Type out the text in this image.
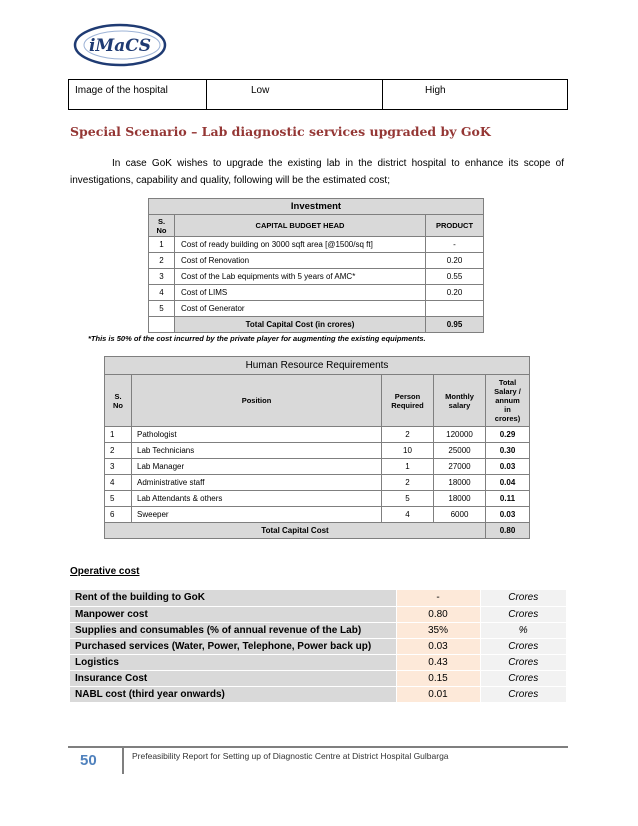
iMaCS
Image of the hospital	Low	High
Special Scenario – Lab diagnostic services upgraded by GoK

In case GoK wishes to upgrade the existing lab in the district hospital to enhance its scope of investigations, capability and quality, following will be the estimated cost;

Investment		
S. No	CAPITAL BUDGET HEAD	PRODUCT
1	Cost of ready building on 3000 sqft area [@1500/sq ft]	-
2	Cost of Renovation	0.20
3	Cost of the Lab equipments with 5 years of AMC*	0.55
4	Cost of LIMS	0.20
5	Cost of Generator	
	Total Capital Cost (in crores)	0.95
*This is 50% of the cost incurred by the private player for augmenting the existing equipments.
Human Resource Requirements				
S. No	Position	Person Required	Monthly salary	Total Salary / annum in crores)
1	Pathologist	2	120000	0.29
2	Lab Technicians	10	25000	0.30
3	Lab Manager	1	27000	0.03
4	Administrative staff	2	18000	0.04
5	Lab Attendants & others	5	18000	0.11
6	Sweeper	4	6000	0.03
Total Capital Cost				0.80
Operative cost
Rent of the building to GoK	-	Crores
Manpower cost	0.80	Crores
Supplies and consumables (% of annual revenue of the Lab)	35%	%
Purchased services (Water, Power, Telephone, Power back up)	0.03	Crores
Logistics	0.43	Crores
Insurance Cost	0.15	Crores
NABL cost (third year onwards)	0.01	Crores
50	Prefeasibility Report for Setting up of Diagnostic Centre at District Hospital Gulbarga
